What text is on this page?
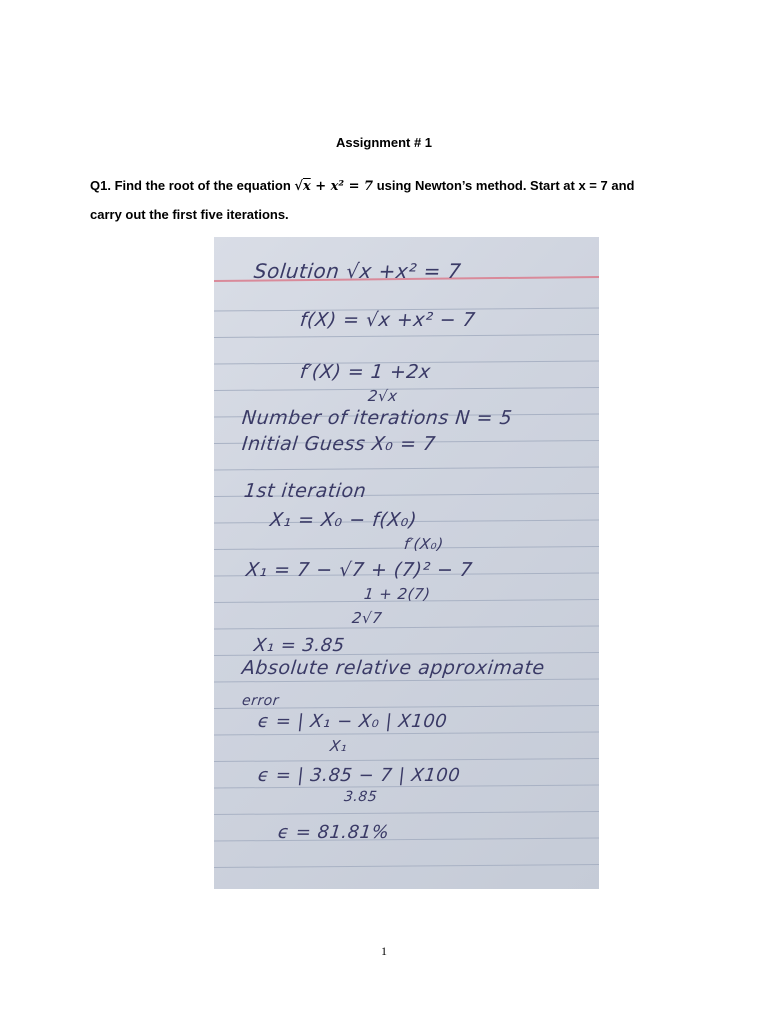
Assignment # 1
Q1. Find the root of the equation √x + x² = 7 using Newton’s method. Start at x = 7 and
carry out the first five iterations.
Solution √x +x² = 7
f(X) = √x +x² − 7
f′(X) = 1 +2x
2√x
Number of iterations N = 5
Initial Guess X₀ = 7
1st iteration
X₁ = X₀ − f(X₀)
f′(X₀)
X₁ = 7 − √7 + (7)² − 7
1 + 2(7)
2√7
X₁ = 3.85
Absolute relative approximate
error
ϵ = | X₁ − X₀ | X100
X₁
ϵ = | 3.85 − 7 | X100
3.85
ϵ = 81.81%
1
